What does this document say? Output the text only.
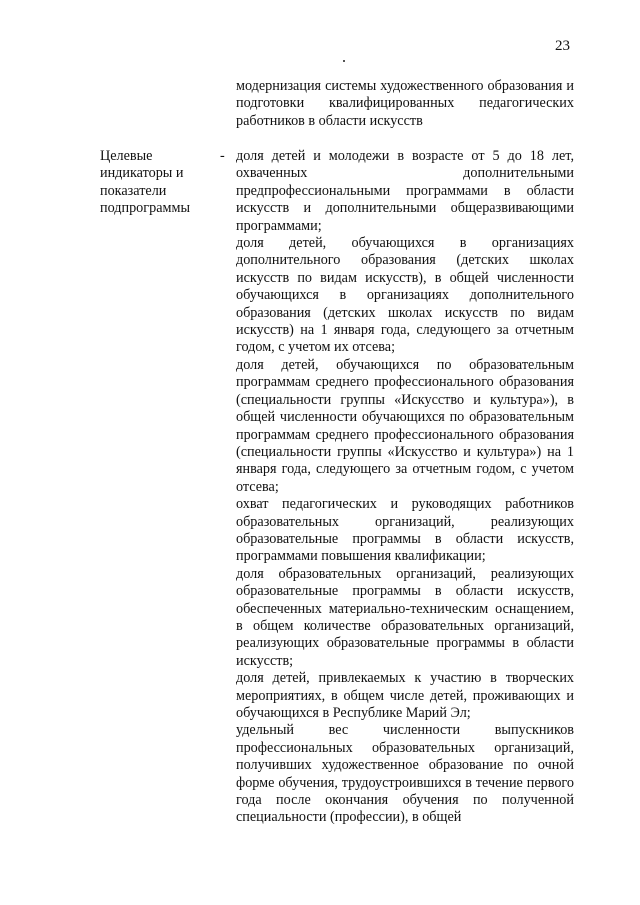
23
модернизация системы художественного образования и подготовки квалифицированных педагогических работников в области искусств
Целевые индикаторы и показатели подпрограммы
- доля детей и молодежи в возрасте от 5 до 18 лет, охваченных дополнительными предпрофессиональными программами в области искусств и дополнительными общеразвивающими программами;

доля детей, обучающихся в организациях дополнительного образования (детских школах искусств по видам искусств), в общей численности обучающихся в организациях дополнительного образования (детских школах искусств по видам искусств) на 1 января года, следующего за отчетным годом, с учетом их отсева;

доля детей, обучающихся по образовательным программам среднего профессионального образования (специальности группы «Искусство и культура»), в общей численности обучающихся по образовательным программам среднего профессионального образования (специальности группы «Искусство и культура») на 1 января года, следующего за отчетным годом, с учетом отсева;

охват педагогических и руководящих работников образовательных организаций, реализующих образовательные программы в области искусств, программами повышения квалификации;

доля образовательных организаций, реализующих образовательные программы в области искусств, обеспеченных материально-техническим оснащением, в общем количестве образовательных организаций, реализующих образовательные программы в области искусств;

доля детей, привлекаемых к участию в творческих мероприятиях, в общем числе детей, проживающих и обучающихся в Республике Марий Эл;

удельный вес численности выпускников профессиональных образовательных организаций, получивших художественное образование по очной форме обучения, трудоустроившихся в течение первого года после окончания обучения по полученной специальности (профессии), в общей
